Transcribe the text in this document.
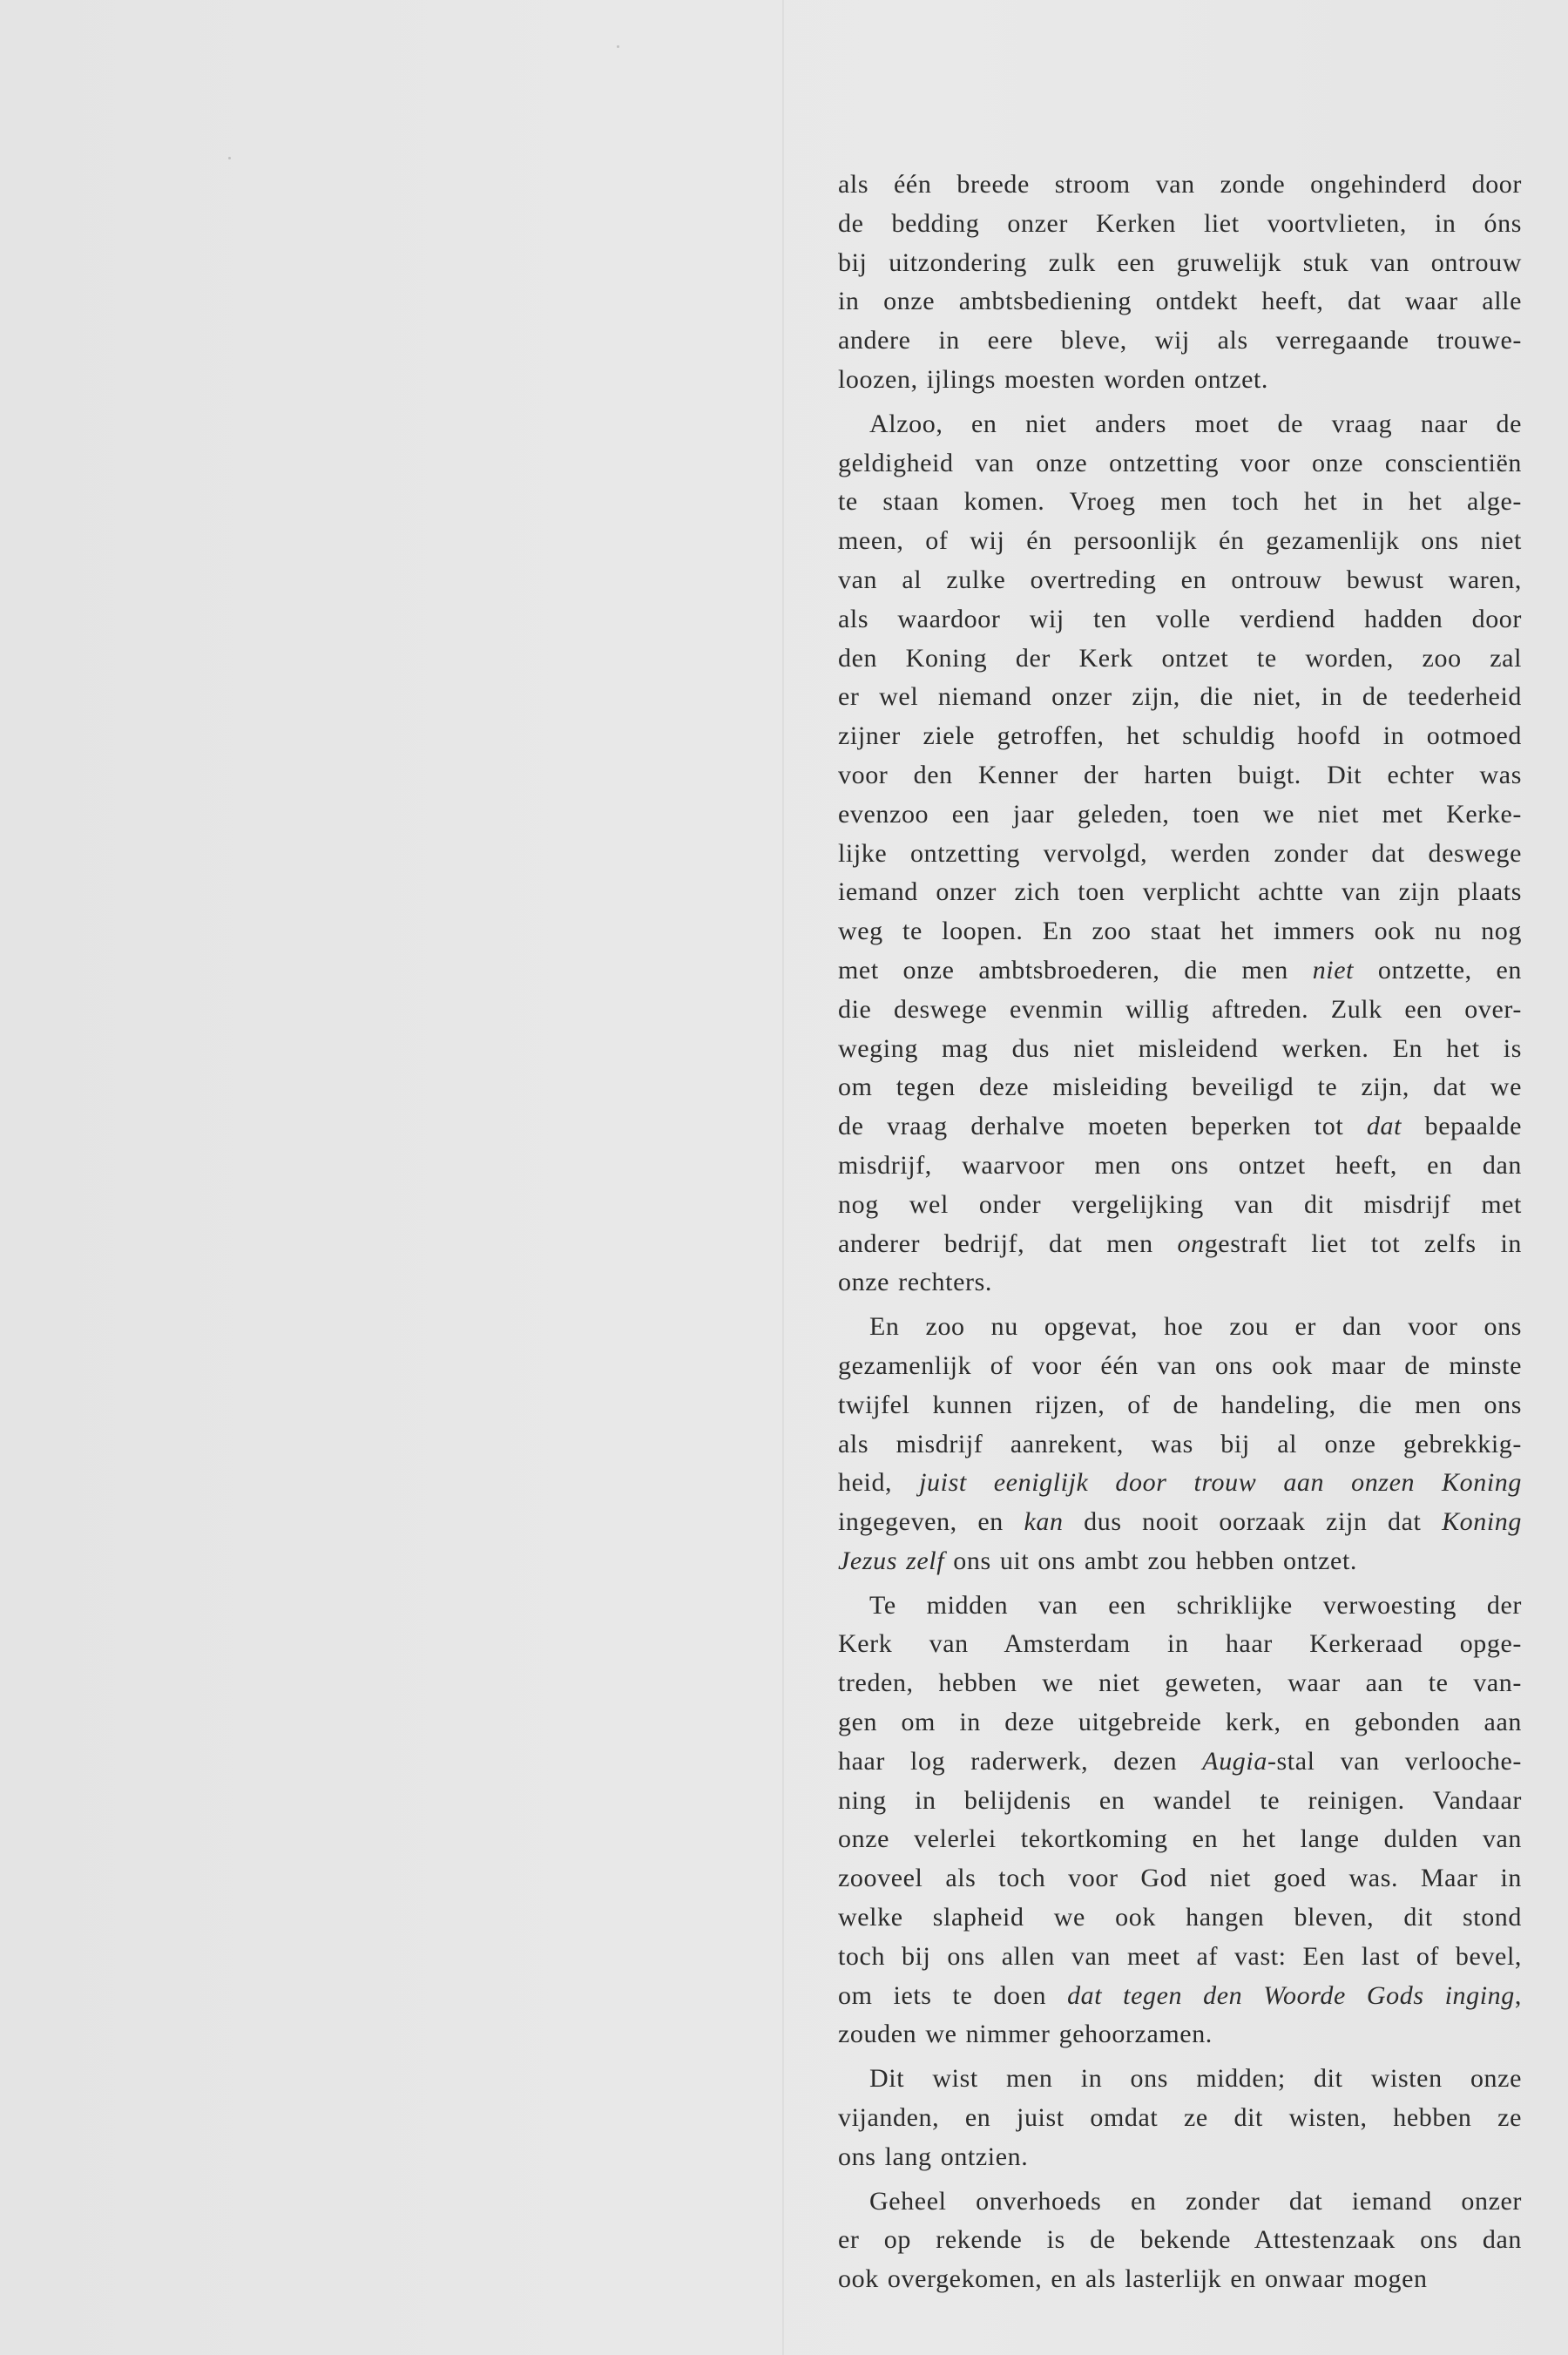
als één breede stroom van zonde ongehinderd door
de bedding onzer Kerken liet voortvlieten, in óns
bij uitzondering zulk een gruwelijk stuk van ontrouw
in onze ambtsbediening ontdekt heeft, dat waar alle
andere in eere bleve, wij als verregaande trouwe-
loozen, ijlings moesten worden ontzet.
Alzoo, en niet anders moet de vraag naar de
geldigheid van onze ontzetting voor onze conscientiën
te staan komen. Vroeg men toch het in het alge-
meen, of wij én persoonlijk én gezamenlijk ons niet
van al zulke overtreding en ontrouw bewust waren,
als waardoor wij ten volle verdiend hadden door
den Koning der Kerk ontzet te worden, zoo zal
er wel niemand onzer zijn, die niet, in de teederheid
zijner ziele getroffen, het schuldig hoofd in ootmoed
voor den Kenner der harten buigt. Dit echter was
evenzoo een jaar geleden, toen we niet met Kerke-
lijke ontzetting vervolgd, werden zonder dat deswege
iemand onzer zich toen verplicht achtte van zijn plaats
weg te loopen. En zoo staat het immers ook nu nog
met onze ambtsbroederen, die men niet ontzette, en
die deswege evenmin willig aftreden. Zulk een over-
weging mag dus niet misleidend werken. En het is
om tegen deze misleiding beveiligd te zijn, dat we
de vraag derhalve moeten beperken tot dat bepaalde
misdrijf, waarvoor men ons ontzet heeft, en dan
nog wel onder vergelijking van dit misdrijf met
anderer bedrijf, dat men ongestraft liet tot zelfs in
onze rechters.
En zoo nu opgevat, hoe zou er dan voor ons
gezamenlijk of voor één van ons ook maar de minste
twijfel kunnen rijzen, of de handeling, die men ons
als misdrijf aanrekent, was bij al onze gebrekkig-
heid, juist eeniglijk door trouw aan onzen Koning
ingegeven, en kan dus nooit oorzaak zijn dat Koning
Jezus zelf ons uit ons ambt zou hebben ontzet.
Te midden van een schriklijke verwoesting der
Kerk van Amsterdam in haar Kerkeraad opge-
treden, hebben we niet geweten, waar aan te van-
gen om in deze uitgebreide kerk, en gebonden aan
haar log raderwerk, dezen Augia-stal van verlooche-
ning in belijdenis en wandel te reinigen. Vandaar
onze velerlei tekortkoming en het lange dulden van
zooveel als toch voor God niet goed was. Maar in
welke slapheid we ook hangen bleven, dit stond
toch bij ons allen van meet af vast: Een last of bevel,
om iets te doen dat tegen den Woorde Gods inging,
zouden we nimmer gehoorzamen.
Dit wist men in ons midden; dit wisten onze
vijanden, en juist omdat ze dit wisten, hebben ze
ons lang ontzien.
Geheel onverhoeds en zonder dat iemand onzer
er op rekende is de bekende Attestenzaak ons dan
ook overgekomen, en als lasterlijk en onwaar mogen
